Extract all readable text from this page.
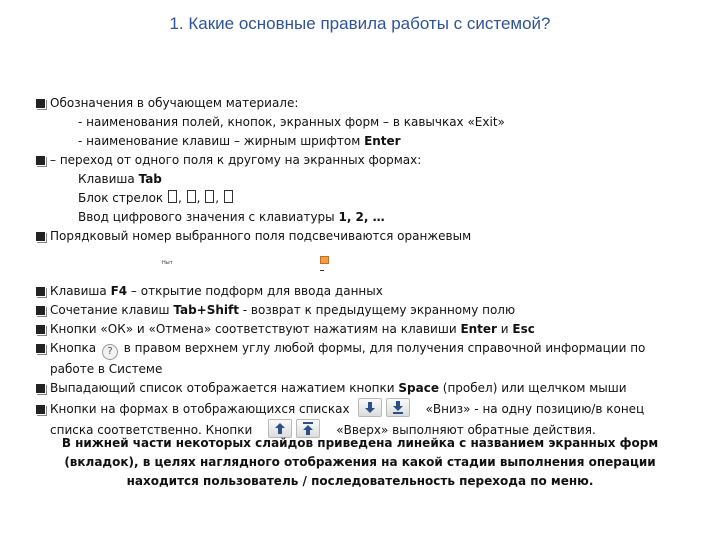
1. Какие основные правила работы с системой?
Обозначения в обучающем материале:
- наименования полей, кнопок, экранных форм – в кавычках «Exit»
- наименование клавиш – жирным шрифтом Enter
– переход от одного поля к другому на экранных формах:
Клавиша Tab
Блок стрелок , , ,
Ввод цифрового значения с клавиатуры 1, 2, …
Порядковый номер выбранного поля подсвечиваются оранжевым
Ныт
Клавиша F4 – открытие подформ для ввода данных
Сочетание клавиш Tab+Shift - возврат к предыдущему экранному полю
Кнопки «ОК» и «Отмена» соответствуют нажатиям на клавиши Enter и Esc
Кнопка ? в правом верхнем углу любой формы, для получения справочной информации по
работе в Системе
Выпадающий список отображается нажатием кнопки Space (пробел) или щелчком мыши
Кнопки на формах в отображающихся списках	«Вниз» - на одну позицию/в конец
списка соответственно. Кнопки	«Вверх» выполняют обратные действия.
В нижней части некоторых слайдов приведена линейка с названием экранных форм (вкладок), в целях наглядного отображения на какой стадии выполнения операции находится пользователь / последовательность перехода по меню.
